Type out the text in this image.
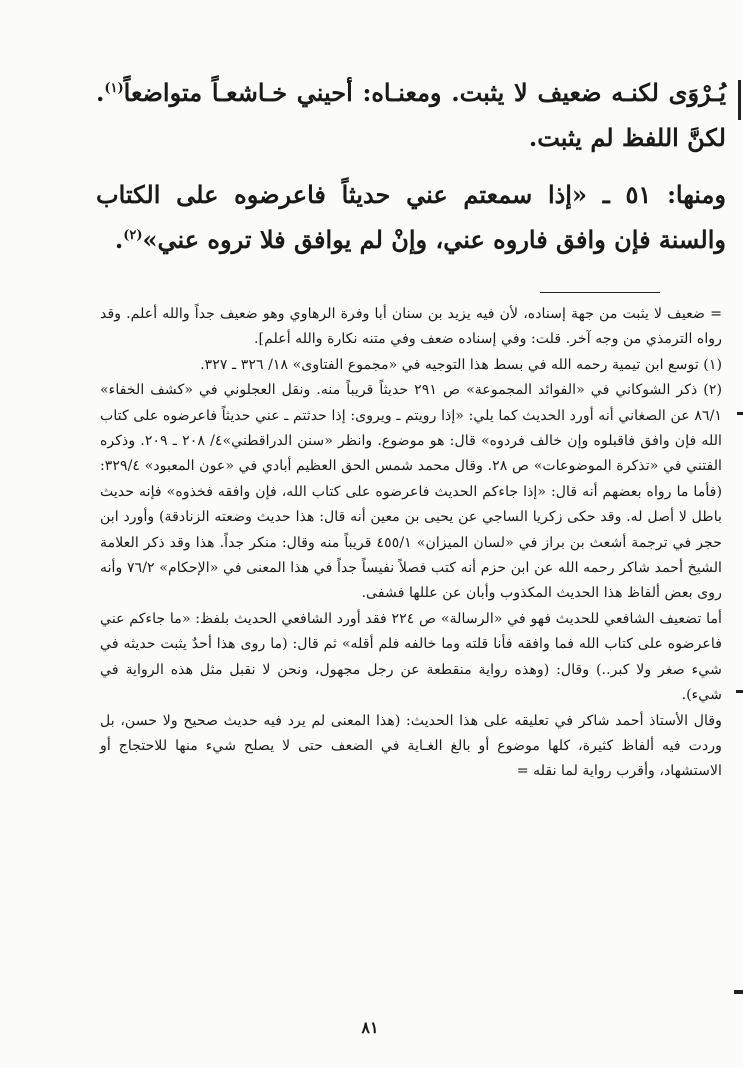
يُـرْوَى لكنـه ضعيف لا يثبت. ومعنـاه: أحيني خـاشعـاً متواضعاً$^{(١)}$. لكنَّ اللفظ لم يثبت.

ومنها: ٥١ ـ «إذا سمعتم عني حديثاً فاعرضوه على الكتاب والسنة فإن وافق فاروه عني، وإنْ لم يوافق فلا تروه عني»$^{(٢)}$.

= ضعيف لا يثبت من جهة إسناده، لأن فيه يزيد بن سنان أبا وفرة الرهاوي وهو ضعيف جداً والله أعلم. وقد رواه الترمذي من وجه آخر. قلت: وفي إسناده ضعف وفي متنه نكارة والله أعلم].

(١) توسع ابن تيمية رحمه الله في بسط هذا التوجيه في «مجموع الفتاوى» ١٨/ ٣٢٦ ـ ٣٢٧.

(٢) ذكر الشوكاني في «الفوائد المجموعة» ص ٢٩١ حديثاً قريباً منه. ونقل العجلوني في «كشف الخفاء» ٨٦/١ عن الصغاني أنه أورد الحديث كما يلي: «إذا رويتم ـ ويروى: إذا حدثتم ـ عني حديثاً فاعرضوه على كتاب الله فإن وافق فاقبلوه وإن خالف فردوه» قال: هو موضوع. وانظر «سنن الدراقطني»٤/ ٢٠٨ ـ ٢٠٩. وذكره الفتني في «تذكرة الموضوعات» ص ٢٨. وقال محمد شمس الحق العظيم أبادي في «عون المعبود» ٣٢٩/٤: (فأما ما رواه بعضهم أنه قال: «إذا جاءكم الحديث فاعرضوه على كتاب الله، فإن وافقه فخذوه» فإنه حديث باطل لا أصل له. وقد حكى زكريا الساجي عن يحيى بن معين أنه قال: هذا حديث وضعته الزنادقة) وأورد ابن حجر في ترجمة أشعث بن براز في «لسان الميزان» ٤٥٥/١ قريباً منه وقال: منكر جداً. هذا وقد ذكر العلامة الشيخ أحمد شاكر رحمه الله عن ابن حزم أنه كتب فصلاً نفيساً جداً في هذا المعنى في «الإحكام» ٧٦/٢ وأنه روى بعض ألفاظ هذا الحديث المكذوب وأبان عن عللها فشفى.

أما تضعيف الشافعي للحديث فهو في «الرسالة» ص ٢٢٤ فقد أورد الشافعي الحديث بلفظ: «ما جاءكم عني فاعرضوه على كتاب الله فما وافقه فأنا قلته وما خالفه فلم أقله» ثم قال: (ما روى هذا أحدٌ يثبت حديثه في شيء صغر ولا كبر..) وقال: (وهذه رواية منقطعة عن رجل مجهول، ونحن لا نقبل مثل هذه الرواية في شيء).

وقال الأستاذ أحمد شاكر في تعليقه على هذا الحديث: (هذا المعنى لم يرد فيه حديث صحيح ولا حسن، بل وردت فيه ألفاظ كثيرة، كلها موضوع أو بالغ الغـاية في الضعف حتى لا يصلح شيء منها للاحتجاج أو الاستشهاد، وأقرب رواية لما نقله =

٨١
